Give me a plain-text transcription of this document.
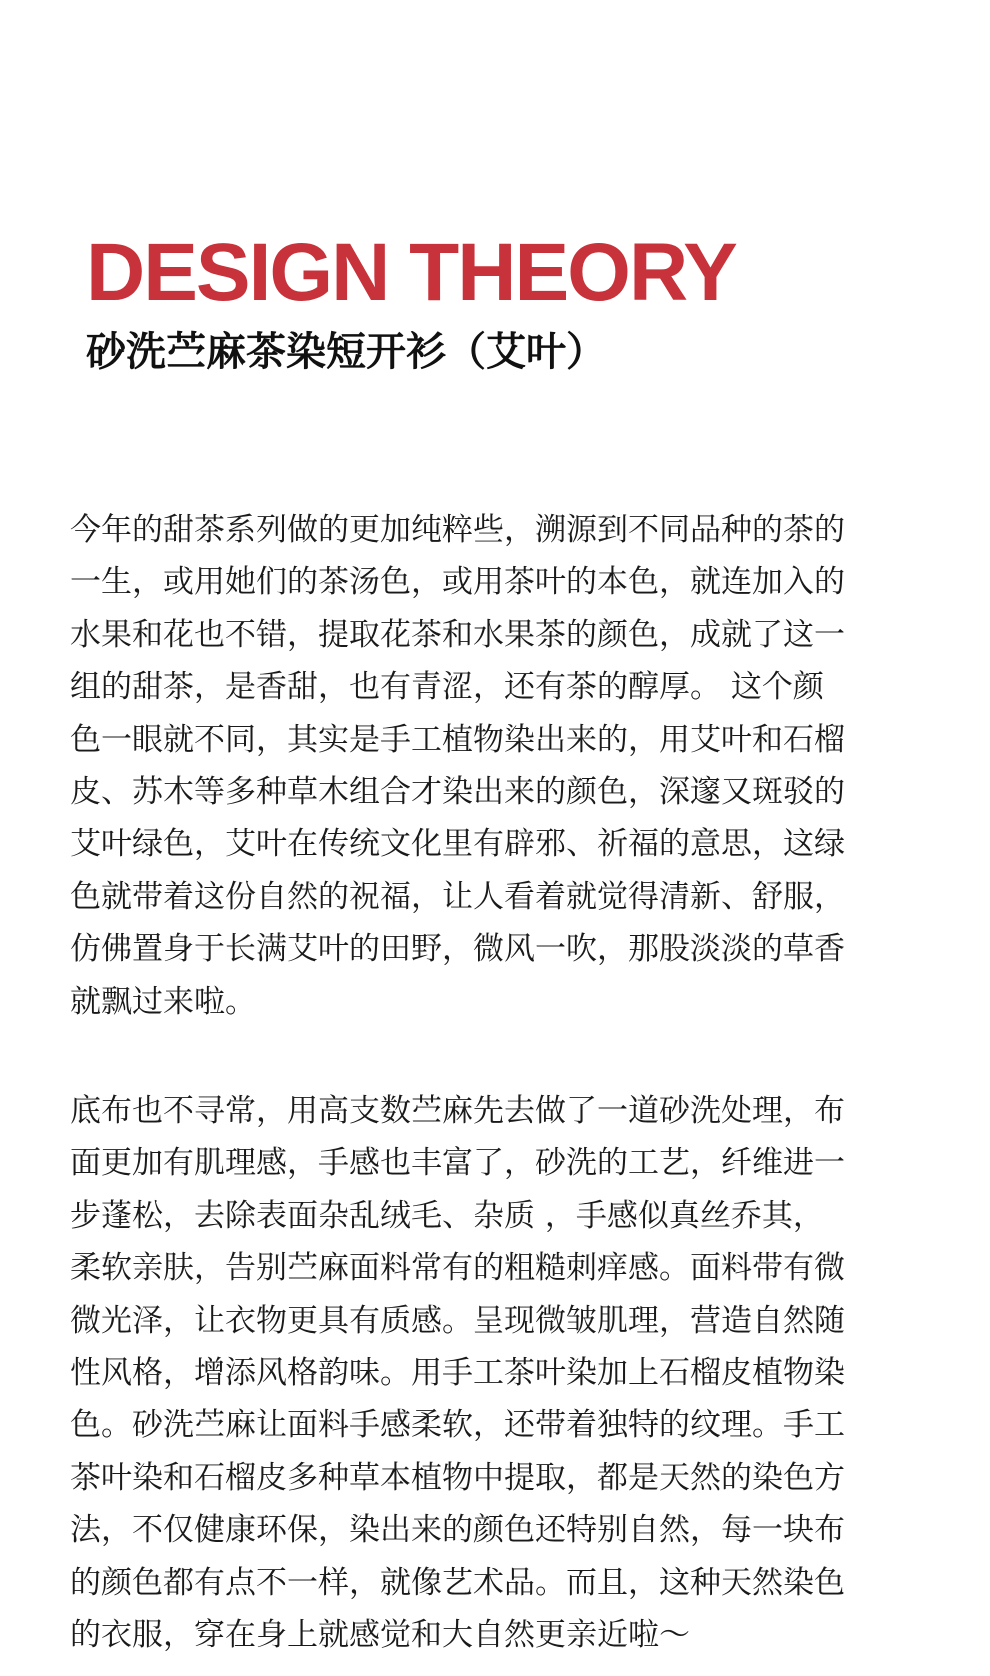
DESIGN THEORY
砂洗苎麻茶染短开衫（艾叶）

今年的甜茶系列做的更加纯粹些，溯源到不同品种的茶的
一生，或用她们的茶汤色，或用茶叶的本色，就连加入的
水果和花也不错，提取花茶和水果茶的颜色，成就了这一
组的甜茶，是香甜，也有青涩，还有茶的醇厚。 这个颜
色一眼就不同，其实是手工植物染出来的，用艾叶和石榴
皮、苏木等多种草木组合才染出来的颜色，深邃又斑驳的
艾叶绿色，艾叶在传统文化里有辟邪、祈福的意思，这绿
色就带着这份自然的祝福，让人看着就觉得清新、舒服，
仿佛置身于长满艾叶的田野，微风一吹，那股淡淡的草香
就飘过来啦。

底布也不寻常，用高支数苎麻先去做了一道砂洗处理，布
面更加有肌理感，手感也丰富了，砂洗的工艺，纤维进一
步蓬松，去除表面杂乱绒毛、杂质 ，手感似真丝乔其，
柔软亲肤，告别苎麻面料常有的粗糙刺痒感。面料带有微
微光泽，让衣物更具有质感。呈现微皱肌理，营造自然随
性风格，增添风格韵味。用手工茶叶染加上石榴皮植物染
色。砂洗苎麻让面料手感柔软，还带着独特的纹理。手工
茶叶染和石榴皮多种草本植物中提取，都是天然的染色方
法，不仅健康环保，染出来的颜色还特别自然，每一块布
的颜色都有点不一样，就像艺术品。而且，这种天然染色
的衣服，穿在身上就感觉和大自然更亲近啦～
